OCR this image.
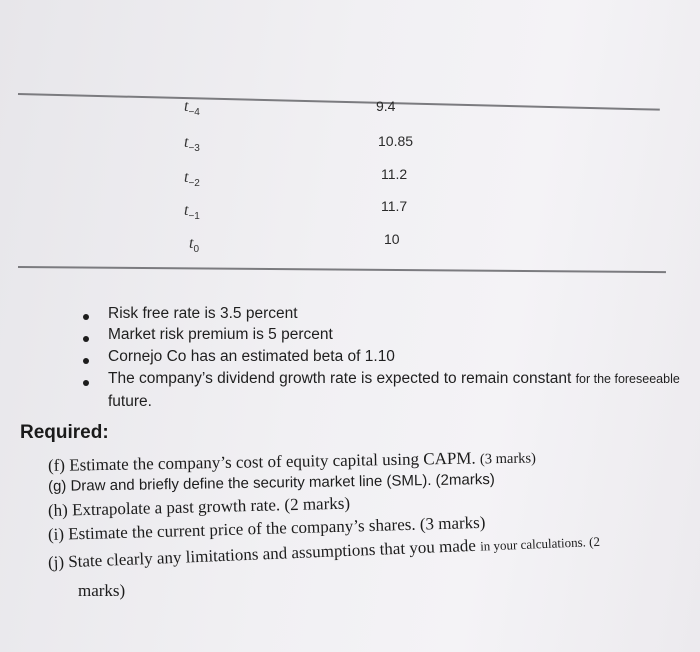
$t_{-4}$	9.4
$t_{-3}$	10.85
$t_{-2}$
11.2
$t_{-1}$
11.7
$t_0$
10
Risk free rate is 3.5 percent
Market risk premium is 5 percent
Cornejo Co has an estimated beta of 1.10
The company’s dividend growth rate is expected to remain constant for the foreseeable
future.
Required:
(f) Estimate the company’s cost of equity capital using CAPM. (3 marks)
(g) Draw and briefly define the security market line (SML). (2marks)
(h) Extrapolate a past growth rate. (2 marks)
(i) Estimate the current price of the company’s shares. (3 marks)
(j) State clearly any limitations and assumptions that you made in your calculations. (2
marks)
